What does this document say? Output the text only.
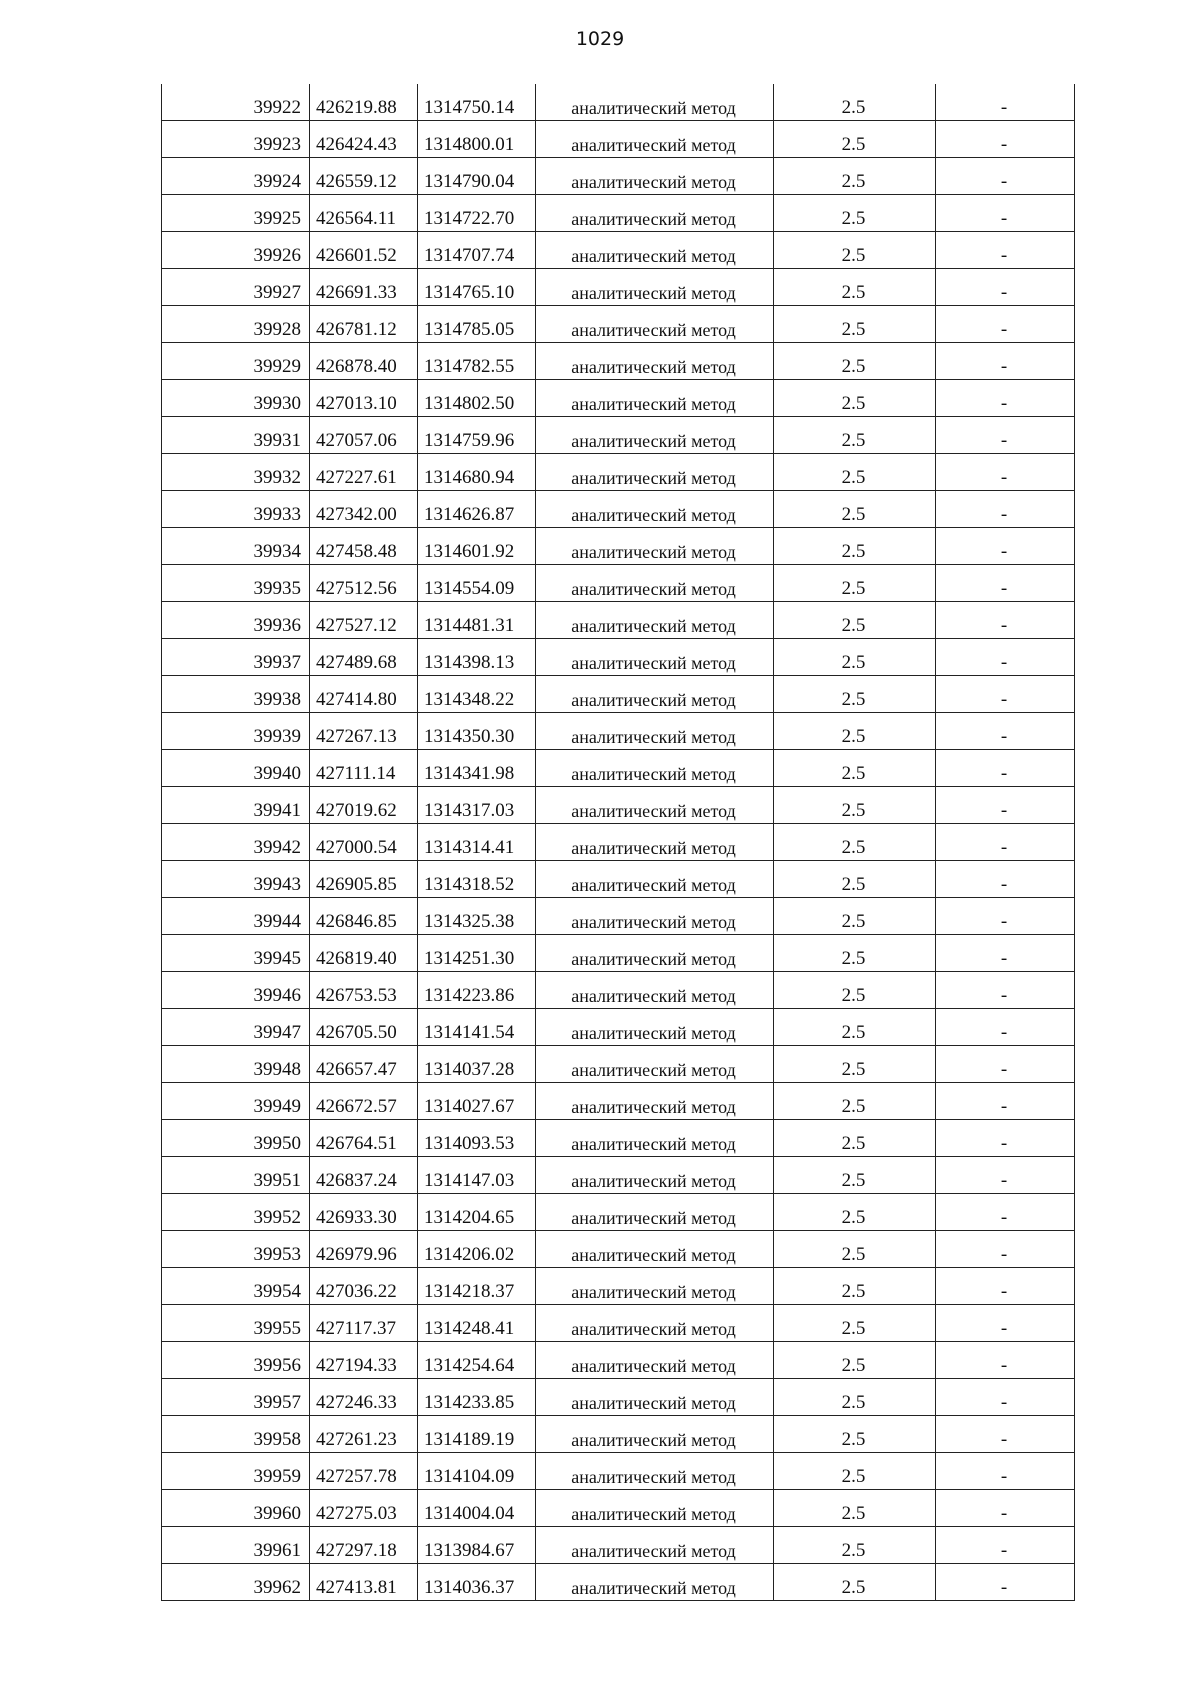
1029
39922	426219.88	1314750.14	аналитический метод	2.5	-
39923	426424.43	1314800.01	аналитический метод	2.5	-
39924	426559.12	1314790.04	аналитический метод	2.5	-
39925	426564.11	1314722.70	аналитический метод	2.5	-
39926	426601.52	1314707.74	аналитический метод	2.5	-
39927	426691.33	1314765.10	аналитический метод	2.5	-
39928	426781.12	1314785.05	аналитический метод	2.5	-
39929	426878.40	1314782.55	аналитический метод	2.5	-
39930	427013.10	1314802.50	аналитический метод	2.5	-
39931	427057.06	1314759.96	аналитический метод	2.5	-
39932	427227.61	1314680.94	аналитический метод	2.5	-
39933	427342.00	1314626.87	аналитический метод	2.5	-
39934	427458.48	1314601.92	аналитический метод	2.5	-
39935	427512.56	1314554.09	аналитический метод	2.5	-
39936	427527.12	1314481.31	аналитический метод	2.5	-
39937	427489.68	1314398.13	аналитический метод	2.5	-
39938	427414.80	1314348.22	аналитический метод	2.5	-
39939	427267.13	1314350.30	аналитический метод	2.5	-
39940	427111.14	1314341.98	аналитический метод	2.5	-
39941	427019.62	1314317.03	аналитический метод	2.5	-
39942	427000.54	1314314.41	аналитический метод	2.5	-
39943	426905.85	1314318.52	аналитический метод	2.5	-
39944	426846.85	1314325.38	аналитический метод	2.5	-
39945	426819.40	1314251.30	аналитический метод	2.5	-
39946	426753.53	1314223.86	аналитический метод	2.5	-
39947	426705.50	1314141.54	аналитический метод	2.5	-
39948	426657.47	1314037.28	аналитический метод	2.5	-
39949	426672.57	1314027.67	аналитический метод	2.5	-
39950	426764.51	1314093.53	аналитический метод	2.5	-
39951	426837.24	1314147.03	аналитический метод	2.5	-
39952	426933.30	1314204.65	аналитический метод	2.5	-
39953	426979.96	1314206.02	аналитический метод	2.5	-
39954	427036.22	1314218.37	аналитический метод	2.5	-
39955	427117.37	1314248.41	аналитический метод	2.5	-
39956	427194.33	1314254.64	аналитический метод	2.5	-
39957	427246.33	1314233.85	аналитический метод	2.5	-
39958	427261.23	1314189.19	аналитический метод	2.5	-
39959	427257.78	1314104.09	аналитический метод	2.5	-
39960	427275.03	1314004.04	аналитический метод	2.5	-
39961	427297.18	1313984.67	аналитический метод	2.5	-
39962	427413.81	1314036.37	аналитический метод	2.5	-
